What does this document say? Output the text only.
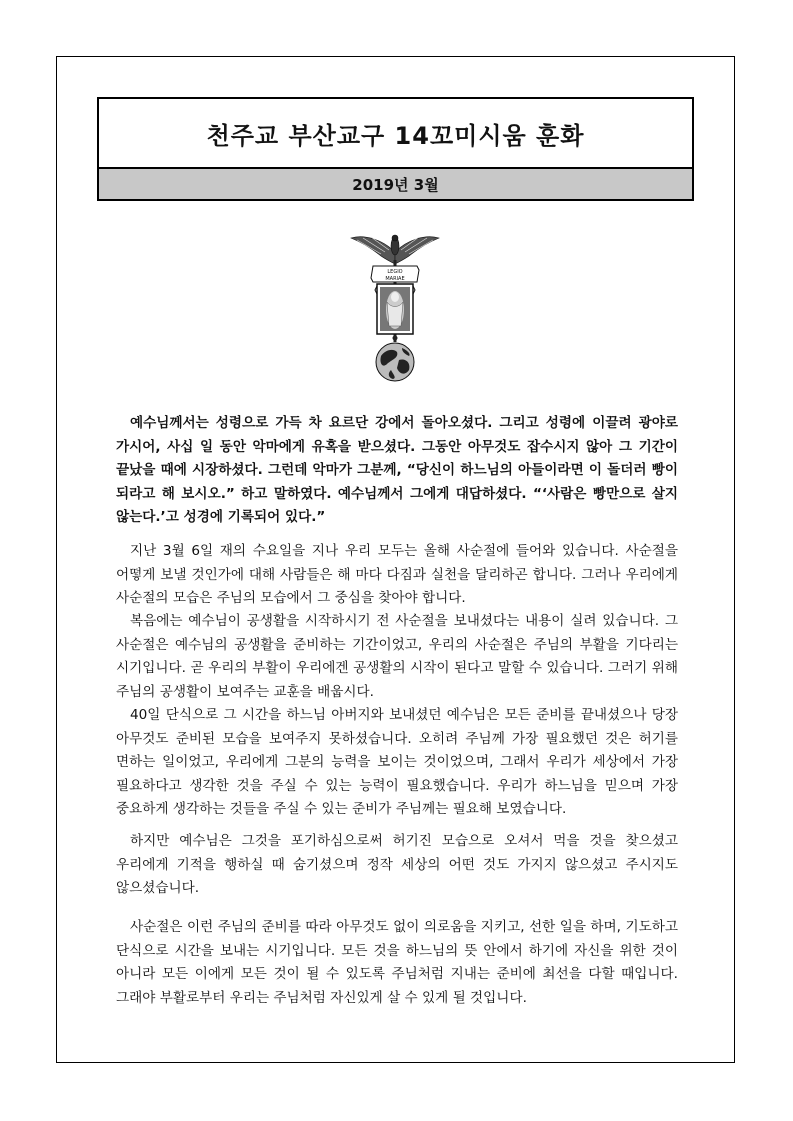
천주교 부산교구 14꼬미시움 훈화
2019년 3월
LEGIO
MARIAE

예수님께서는 성령으로 가득 차 요르단 강에서 돌아오셨다. 그리고 성령에 이끌려 광야로 가시어, 사십 일 동안 악마에게 유혹을 받으셨다. 그동안 아무것도 잡수시지 않아 그 기간이 끝났을 때에 시장하셨다. 그런데 악마가 그분께, “당신이 하느님의 아들이라면 이 돌더러 빵이 되라고 해 보시오.” 하고 말하였다. 예수님께서 그에게 대답하셨다. “‘사람은 빵만으로 살지 않는다.’고 성경에 기록되어 있다.”

지난 3월 6일 재의 수요일을 지나 우리 모두는 올해 사순절에 들어와 있습니다. 사순절을 어떻게 보낼 것인가에 대해 사람들은 해 마다 다짐과 실천을 달리하곤 합니다. 그러나 우리에게 사순절의 모습은 주님의 모습에서 그 중심을 찾아야 합니다.

복음에는 예수님이 공생활을 시작하시기 전 사순절을 보내셨다는 내용이 실려 있습니다. 그 사순절은 예수님의 공생활을 준비하는 기간이었고, 우리의 사순절은 주님의 부활을 기다리는 시기입니다. 곧 우리의 부활이 우리에겐 공생활의 시작이 된다고 말할 수 있습니다. 그러기 위해 주님의 공생활이 보여주는 교훈을 배웁시다.

40일 단식으로 그 시간을 하느님 아버지와 보내셨던 예수님은 모든 준비를 끝내셨으나 당장 아무것도 준비된 모습을 보여주지 못하셨습니다. 오히려 주님께 가장 필요했던 것은 허기를 면하는 일이었고, 우리에게 그분의 능력을 보이는 것이었으며, 그래서 우리가 세상에서 가장 필요하다고 생각한 것을 주실 수 있는 능력이 필요했습니다. 우리가 하느님을 믿으며 가장 중요하게 생각하는 것들을 주실 수 있는 준비가 주님께는 필요해 보였습니다.

하지만 예수님은 그것을 포기하심으로써 허기진 모습으로 오셔서 먹을 것을 찾으셨고 우리에게 기적을 행하실 때 숨기셨으며 정작 세상의 어떤 것도 가지지 않으셨고 주시지도 않으셨습니다.

사순절은 이런 주님의 준비를 따라 아무것도 없이 의로움을 지키고, 선한 일을 하며, 기도하고 단식으로 시간을 보내는 시기입니다. 모든 것을 하느님의 뜻 안에서 하기에 자신을 위한 것이 아니라 모든 이에게 모든 것이 될 수 있도록 주님처럼 지내는 준비에 최선을 다할 때입니다. 그래야 부활로부터 우리는 주님처럼 자신있게 살 수 있게 될 것입니다.
